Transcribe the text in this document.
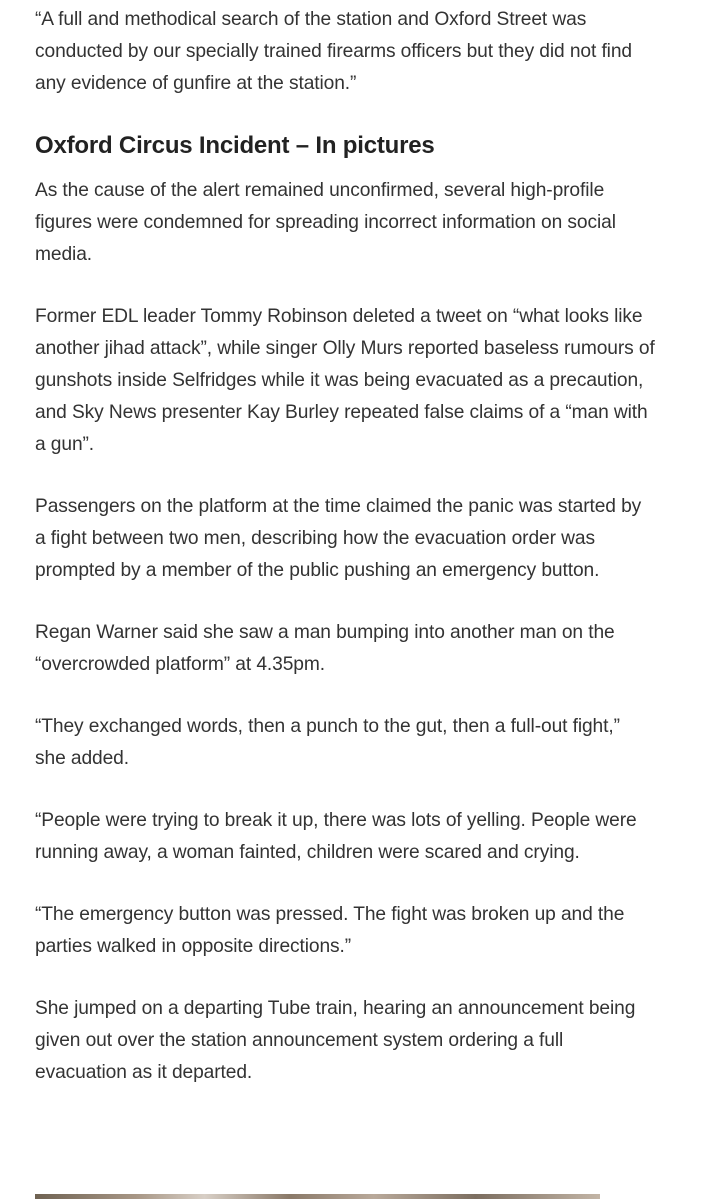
“A full and methodical search of the station and Oxford Street was conducted by our specially trained firearms officers but they did not find any evidence of gunfire at the station.”

Oxford Circus Incident – In pictures

As the cause of the alert remained unconfirmed, several high-profile figures were condemned for spreading incorrect information on social media.

Former EDL leader Tommy Robinson deleted a tweet on “what looks like another jihad attack”, while singer Olly Murs reported baseless rumours of gunshots inside Selfridges while it was being evacuated as a precaution, and Sky News presenter Kay Burley repeated false claims of a “man with a gun”.

Passengers on the platform at the time claimed the panic was started by a fight between two men, describing how the evacuation order was prompted by a member of the public pushing an emergency button.

Regan Warner said she saw a man bumping into another man on the “overcrowded platform” at 4.35pm.

“They exchanged words, then a punch to the gut, then a full-out fight,” she added.

“People were trying to break it up, there was lots of yelling. People were running away, a woman fainted, children were scared and crying.

“The emergency button was pressed. The fight was broken up and the parties walked in opposite directions.”

She jumped on a departing Tube train, hearing an announcement being given out over the station announcement system ordering a full evacuation as it departed.
